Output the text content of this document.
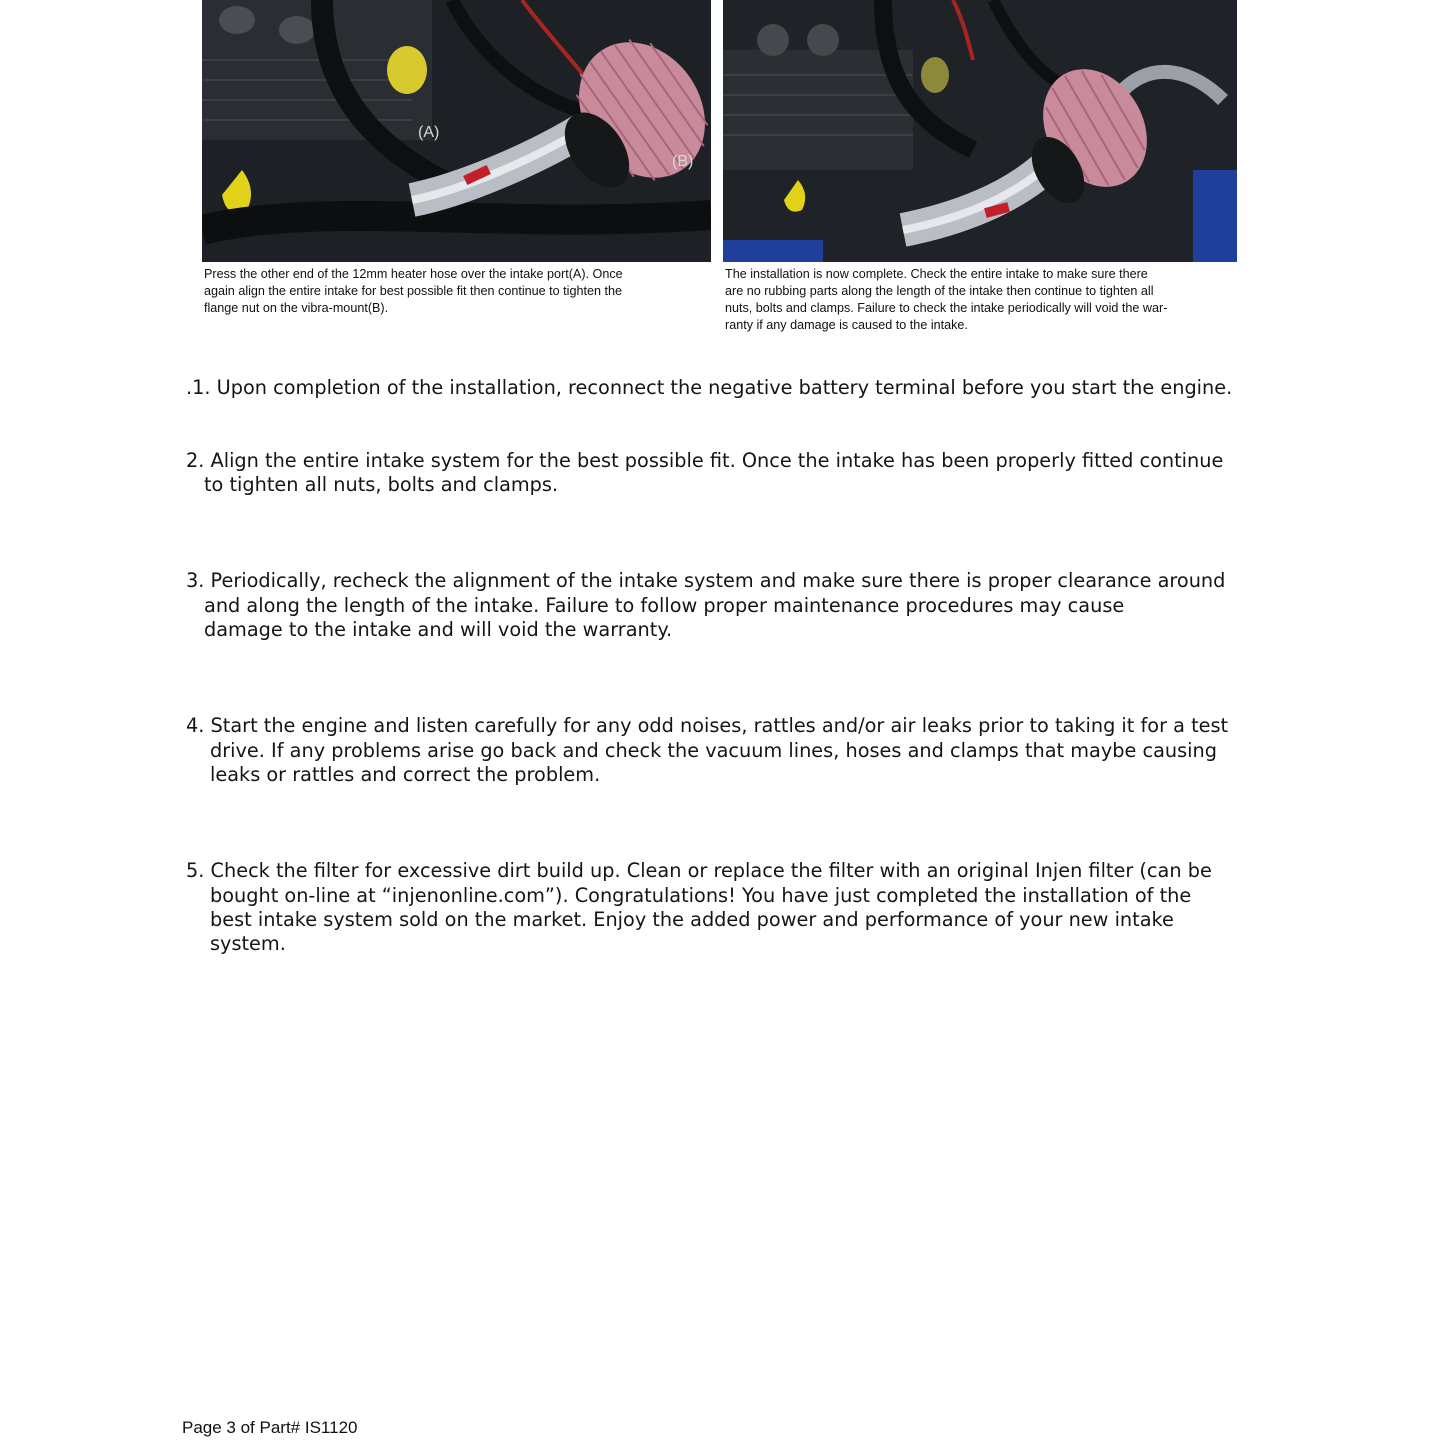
(A)
(B)
Press the other end of the 12mm heater hose over the intake port(A). Once
again align the entire intake for best possible fit then continue to tighten the
flange nut on the vibra-mount(B).
The installation is now complete. Check the entire intake to make sure there
are no rubbing parts along the length of the intake then continue to tighten all
nuts, bolts and clamps. Failure to check the intake periodically will void the war-
ranty if any damage is caused to the intake.

.1. Upon completion of the installation, reconnect the negative battery terminal before you start the engine.

2. Align the entire intake system for the best possible fit. Once the intake has been properly fitted continue

to tighten all nuts, bolts and clamps.

3. Periodically, recheck the alignment of the intake system and make sure there is proper clearance around

and along the length of the intake. Failure to follow proper maintenance procedures may cause
damage to the intake and will void the warranty.

4. Start the engine and listen carefully for any odd noises, rattles and/or air leaks prior to taking it for a test

drive. If any problems arise go back and check the vacuum lines, hoses and clamps that maybe causing
leaks or rattles and correct the problem.

5. Check the filter for excessive dirt build up. Clean or replace the filter with an original Injen filter (can be

bought on-line at “injenonline.com”). Congratulations! You have just completed the installation of the
best intake system sold on the market. Enjoy the added power and performance of your new intake
system.

Page 3 of Part# IS1120
